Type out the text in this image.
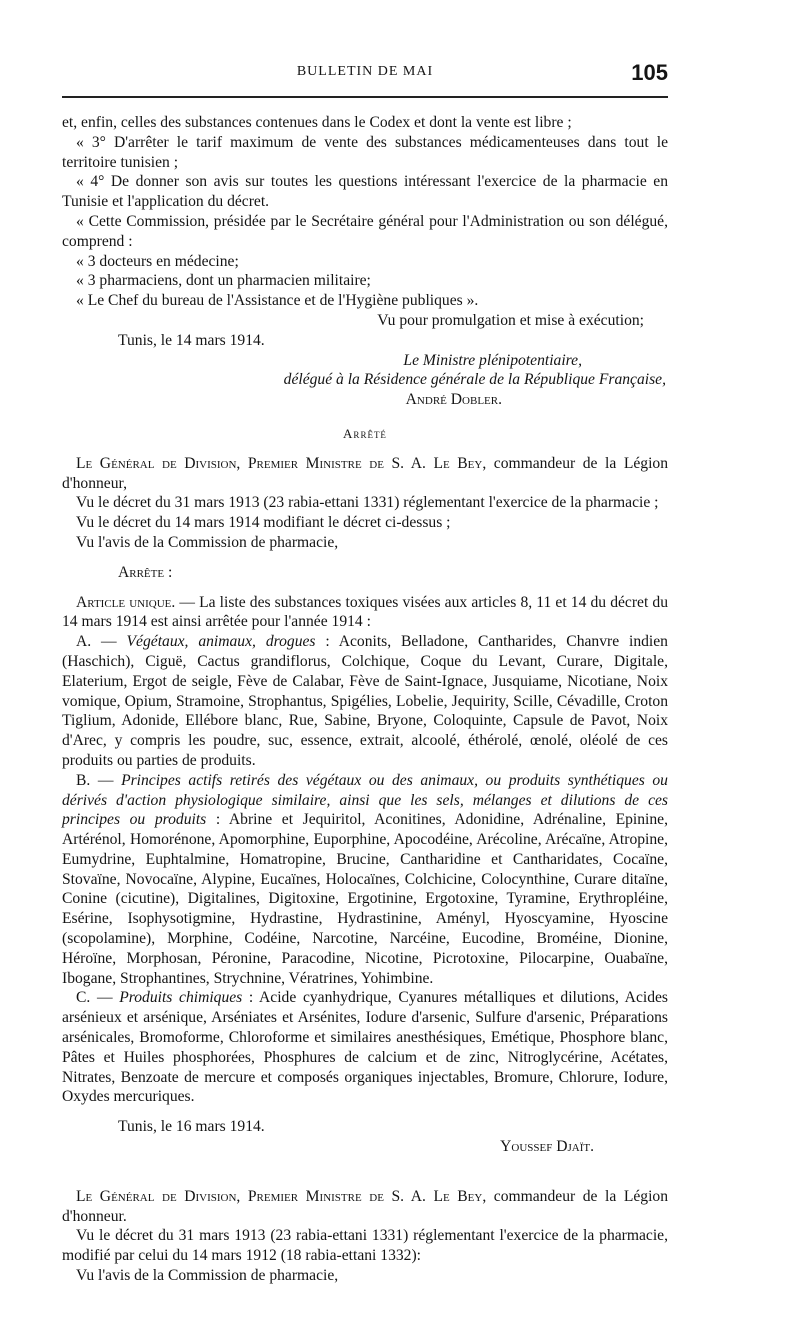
BULLETIN DE MAI	105

et, enfin, celles des substances contenues dans le Codex et dont la vente est libre ;

« 3° D'arrêter le tarif maximum de vente des substances médicamenteuses dans tout le territoire tunisien ;

« 4° De donner son avis sur toutes les questions intéressant l'exercice de la pharmacie en Tunisie et l'application du décret.

« Cette Commission, présidée par le Secrétaire général pour l'Administration ou son délégué, comprend :

« 3 docteurs en médecine;

« 3 pharmaciens, dont un pharmacien militaire;

« Le Chef du bureau de l'Assistance et de l'Hygiène publiques ».

Vu pour promulgation et mise à exécution;

Tunis, le 14 mars 1914.

Le Ministre plénipotentiaire,

délégué à la Résidence générale de la République Française,

André Dobler.

Arrêté

Le Général de Division, Premier Ministre de S. A. Le Bey, commandeur de la Légion d'honneur,

Vu le décret du 31 mars 1913 (23 rabia-ettani 1331) réglementant l'exercice de la pharmacie ;

Vu le décret du 14 mars 1914 modifiant le décret ci-dessus ;

Vu l'avis de la Commission de pharmacie,

Arrête :

Article unique. — La liste des substances toxiques visées aux articles 8, 11 et 14 du décret du 14 mars 1914 est ainsi arrêtée pour l'année 1914 :

A. — Végétaux, animaux, drogues : Aconits, Belladone, Cantharides, Chanvre indien (Haschich), Ciguë, Cactus grandiflorus, Colchique, Coque du Levant, Curare, Digitale, Elaterium, Ergot de seigle, Fève de Calabar, Fève de Saint-Ignace, Jusquiame, Nicotiane, Noix vomique, Opium, Stramoine, Strophantus, Spigélies, Lobelie, Jequirity, Scille, Cévadille, Croton Tiglium, Adonide, Ellébore blanc, Rue, Sabine, Bryone, Coloquinte, Capsule de Pavot, Noix d'Arec, y compris les poudre, suc, essence, extrait, alcoolé, éthérolé, œnolé, oléolé de ces produits ou parties de produits.

B. — Principes actifs retirés des végétaux ou des animaux, ou produits synthétiques ou dérivés d'action physiologique similaire, ainsi que les sels, mélanges et dilutions de ces principes ou produits : Abrine et Jequiritol, Aconitines, Adonidine, Adrénaline, Epinine, Artérénol, Homorénone, Apomorphine, Euporphine, Apocodéine, Arécoline, Arécaïne, Atropine, Eumydrine, Euphtalmine, Homatropine, Brucine, Cantharidine et Cantharidates, Cocaïne, Stovaïne, Novocaïne, Alypine, Eucaïnes, Holocaïnes, Colchicine, Colocynthine, Curare ditaïne, Conine (cicutine), Digitalines, Digitoxine, Ergotinine, Ergotoxine, Tyramine, Erythropléine, Esérine, Isophysotigmine, Hydrastine, Hydrastinine, Aményl, Hyoscyamine, Hyoscine (scopolamine), Morphine, Codéine, Narcotine, Narcéine, Eucodine, Broméine, Dionine, Héroïne, Morphosan, Péronine, Paracodine, Nicotine, Picrotoxine, Pilocarpine, Ouabaïne, Ibogane, Strophantines, Strychnine, Vératrines, Yohimbine.

C. — Produits chimiques : Acide cyanhydrique, Cyanures métalliques et dilutions, Acides arsénieux et arsénique, Arséniates et Arsénites, Iodure d'arsenic, Sulfure d'arsenic, Préparations arsénicales, Bromoforme, Chloroforme et similaires anesthésiques, Emétique, Phosphore blanc, Pâtes et Huiles phosphorées, Phosphures de calcium et de zinc, Nitroglycérine, Acétates, Nitrates, Benzoate de mercure et composés organiques injectables, Bromure, Chlorure, Iodure, Oxydes mercuriques.

Tunis, le 16 mars 1914.

Youssef Djaït.

Le Général de Division, Premier Ministre de S. A. Le Bey, commandeur de la Légion d'honneur.

Vu le décret du 31 mars 1913 (23 rabia-ettani 1331) réglementant l'exercice de la pharmacie, modifié par celui du 14 mars 1912 (18 rabia-ettani 1332):

Vu l'avis de la Commission de pharmacie,
